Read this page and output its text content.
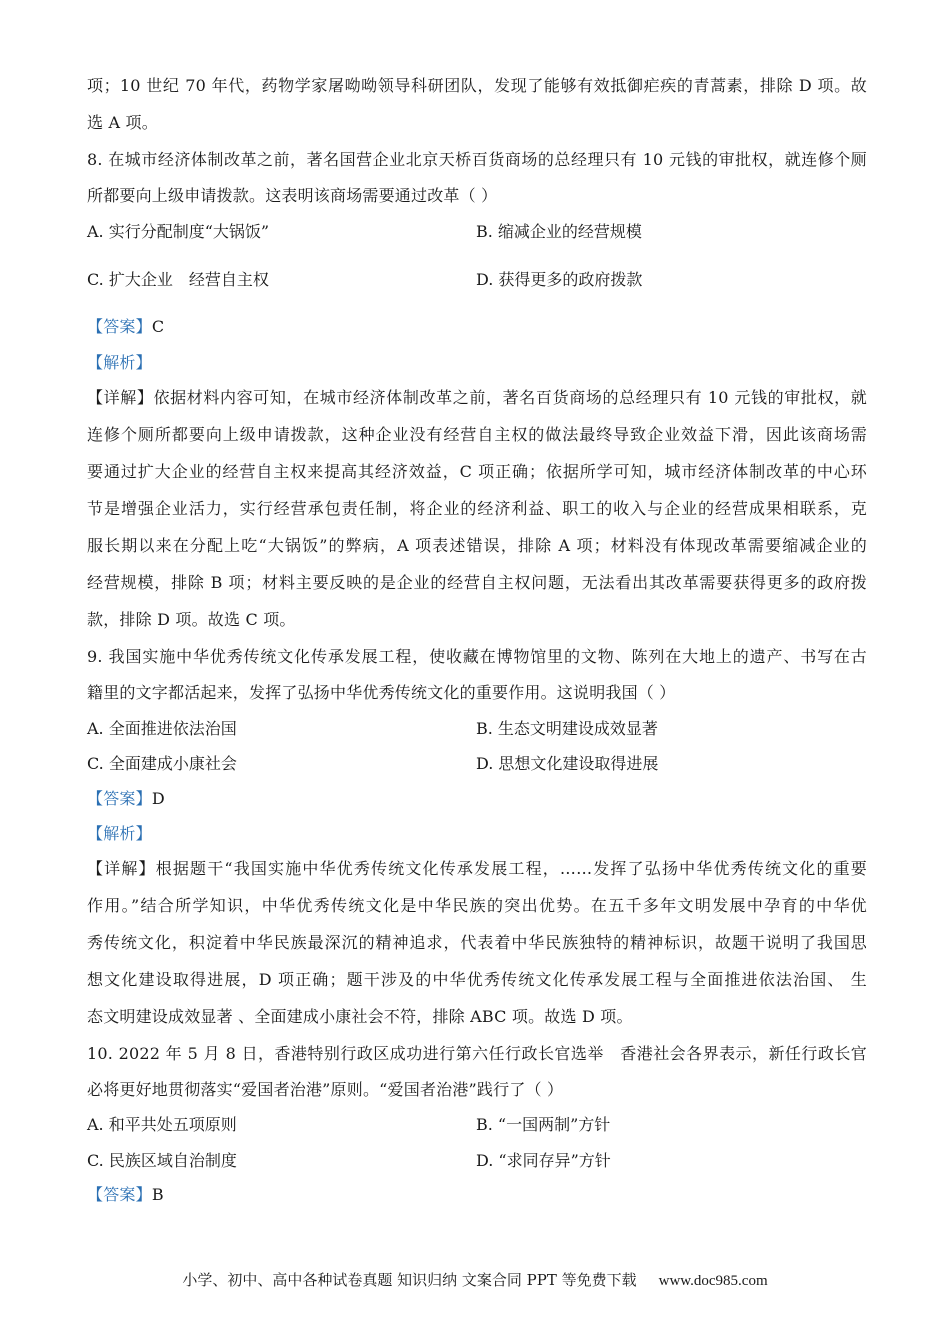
项；10 世纪 70 年代，药物学家屠呦呦领导科研团队，发现了能够有效抵御疟疾的青蒿素，排除 D 项。故
选 A 项。
8. 在城市经济体制改革之前，著名国营企业北京天桥百货商场的总经理只有 10 元钱的审批权，就连修个厕
所都要向上级申请拨款。这表明该商场需要通过改革（ ）
A. 实行分配制度“大锅饭”	B. 缩减企业的经营规模
C. 扩大企业　经营自主权	D. 获得更多的政府拨款
【答案】C
【解析】
【详解】依据材料内容可知，在城市经济体制改革之前，著名百货商场的总经理只有 10 元钱的审批权，就
连修个厕所都要向上级申请拨款，这种企业没有经营自主权的做法最终导致企业效益下滑，因此该商场需
要通过扩大企业的经营自主权来提高其经济效益，C 项正确；依据所学可知，城市经济体制改革的中心环
节是增强企业活力，实行经营承包责任制，将企业的经济利益、职工的收入与企业的经营成果相联系，克
服长期以来在分配上吃“大锅饭”的弊病，A 项表述错误，排除 A 项；材料没有体现改革需要缩减企业的
经营规模，排除 B 项；材料主要反映的是企业的经营自主权问题，无法看出其改革需要获得更多的政府拨
款，排除 D 项。故选 C 项。
9. 我国实施中华优秀传统文化传承发展工程，使收藏在博物馆里的文物、陈列在大地上的遗产、书写在古
籍里的文字都活起来，发挥了弘扬中华优秀传统文化的重要作用。这说明我国（ ）
A. 全面推进依法治国	B. 生态文明建设成效显著
C. 全面建成小康社会	D. 思想文化建设取得进展
【答案】D
【解析】
【详解】根据题干“我国实施中华优秀传统文化传承发展工程，……发挥了弘扬中华优秀传统文化的重要
作用。”结合所学知识，中华优秀传统文化是中华民族的突出优势。在五千多年文明发展中孕育的中华优
秀传统文化，积淀着中华民族最深沉的精神追求，代表着中华民族独特的精神标识，故题干说明了我国思
想文化建设取得进展，D 项正确；题干涉及的中华优秀传统文化传承发展工程与全面推进依法治国、 生
态文明建设成效显著 、全面建成小康社会不符，排除 ABC 项。故选 D 项。
10. 2022 年 5 月 8 日，香港特别行政区成功进行第六任行政长官选举　香港社会各界表示，新任行政长官
必将更好地贯彻落实“爱国者治港”原则。“爱国者治港”践行了（ ）
A. 和平共处五项原则	B. “一国两制”方针
C. 民族区域自治制度	D. “求同存异”方针
【答案】B
小学、初中、高中各种试卷真题 知识归纳 文案合同 PPT 等免费下载 www.doc985.com
